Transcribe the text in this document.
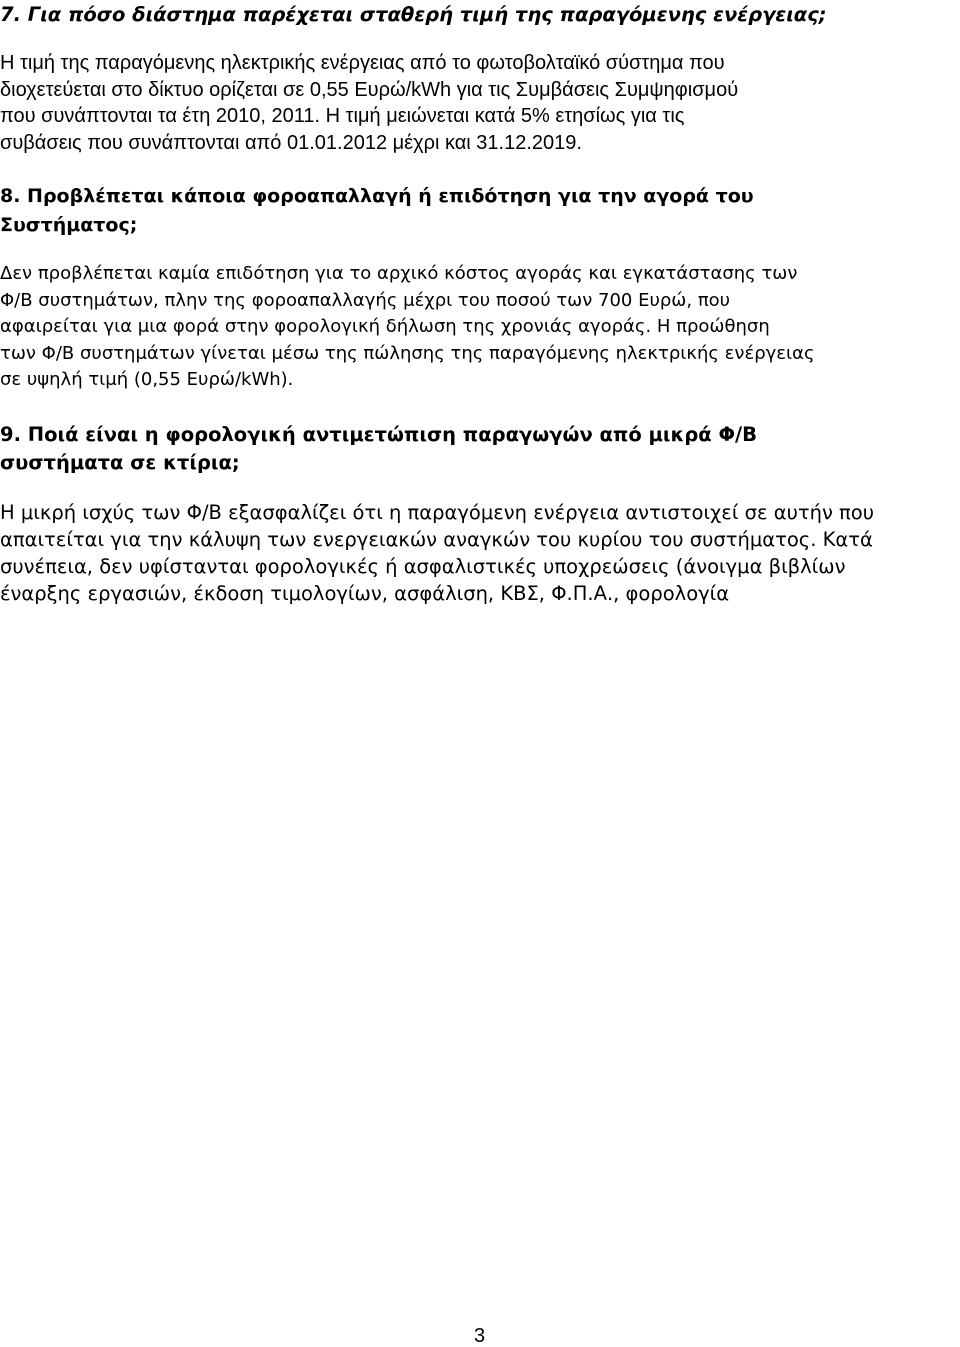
7. Για πόσο διάστημα παρέχεται σταθερή τιμή της παραγόμενης ενέργειας;
Η τιμή της παραγόμενης ηλεκτρικής ενέργειας από το φωτοβολταϊκό σύστημα που
διοχετεύεται στο δίκτυο ορίζεται σε 0,55 Ευρώ/kWh για τις Συμβάσεις Συμψηφισμού
που συνάπτονται τα έτη 2010, 2011. Η τιμή μειώνεται κατά 5% ετησίως για τις
συβάσεις που συνάπτονται από 01.01.2012 μέχρι και 31.12.2019.
8. Προβλέπεται κάποια φοροαπαλλαγή ή επιδότηση για την αγορά του
Συστήματος;
Δεν προβλέπεται καμία επιδότηση για το αρχικό κόστος αγοράς και εγκατάστασης των
Φ/Β συστημάτων, πλην της φοροαπαλλαγής μέχρι του ποσού των 700 Ευρώ, που
αφαιρείται για μια φορά στην φορολογική δήλωση της χρονιάς αγοράς. Η προώθηση
των Φ/Β συστημάτων γίνεται μέσω της πώλησης της παραγόμενης ηλεκτρικής ενέργειας
σε υψηλή τιμή (0,55 Ευρώ/kWh).
9. Ποιά είναι η φορολογική αντιμετώπιση παραγωγών από μικρά Φ/Β
συστήματα σε κτίρια;
Η μικρή ισχύς των Φ/Β εξασφαλίζει ότι η παραγόμενη ενέργεια αντιστοιχεί σε αυτήν που
απαιτείται για την κάλυψη των ενεργειακών αναγκών του κυρίου του συστήματος. Κατά
συνέπεια, δεν υφίστανται φορολογικές ή ασφαλιστικές υποχρεώσεις (άνοιγμα βιβλίων
έναρξης εργασιών, έκδοση τιμολογίων, ασφάλιση, ΚΒΣ, Φ.Π.Α., φορολογία
3
